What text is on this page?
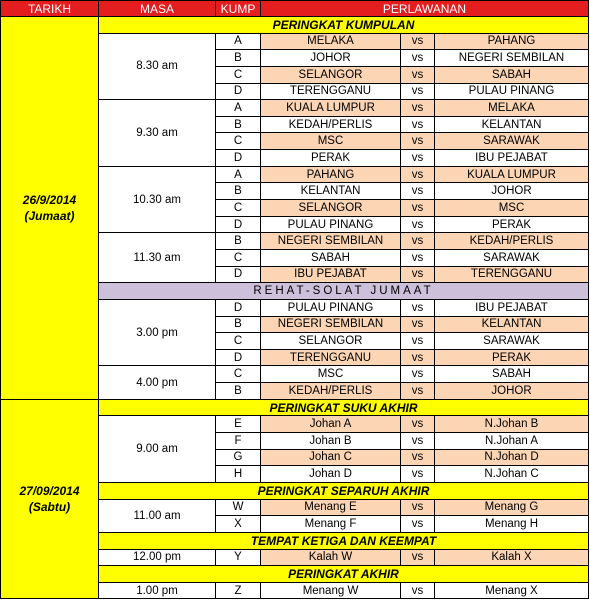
TARIKH	MASA	KUMP	PERLAWANAN		

26/9/2014
(Jumaat)	PERINGKAT KUMPULAN				
	8.30 am	A	MELAKA	vs	PAHANG
		B	JOHOR	vs	NEGERI SEMBILAN
		C	SELANGOR	vs	SABAH
		D	TERENGGANU	vs	PULAU PINANG
	9.30 am	A	KUALA LUMPUR	vs	MELAKA
		B	KEDAH/PERLIS	vs	KELANTAN
		C	MSC	vs	SARAWAK
		D	PERAK	vs	IBU PEJABAT
	10.30 am	A	PAHANG	vs	KUALA LUMPUR
		B	KELANTAN	vs	JOHOR
		C	SELANGOR	vs	MSC
		D	PULAU PINANG	vs	PERAK
	11.30 am	B	NEGERI SEMBILAN	vs	KEDAH/PERLIS
		C	SABAH	vs	SARAWAK
		D	IBU PEJABAT	vs	TERENGGANU
	REHAT-SOLAT JUMAAT				
	3.00 pm	D	PULAU PINANG	vs	IBU PEJABAT
		B	NEGERI SEMBILAN	vs	KELANTAN
		C	SELANGOR	vs	SARAWAK
		D	TERENGGANU	vs	PERAK
	4.00 pm	C	MSC	vs	SABAH
		B	KEDAH/PERLIS	vs	JOHOR

27/09/2014
(Sabtu)	PERINGKAT SUKU AKHIR				
	9.00 am	E	Johan A	vs	N.Johan B
		F	Johan B	vs	N.Johan A
		G	Johan C	vs	N.Johan D
		H	Johan D	vs	N.Johan C
	PERINGKAT SEPARUH AKHIR				
	11.00 am	W	Menang E	vs	Menang G
		X	Menang F	vs	Menang H
	TEMPAT KETIGA DAN KEEMPAT				
	12.00 pm	Y	Kalah W	vs	Kalah X
	PERINGKAT AKHIR				
	1.00 pm	Z	Menang W	vs	Menang X
